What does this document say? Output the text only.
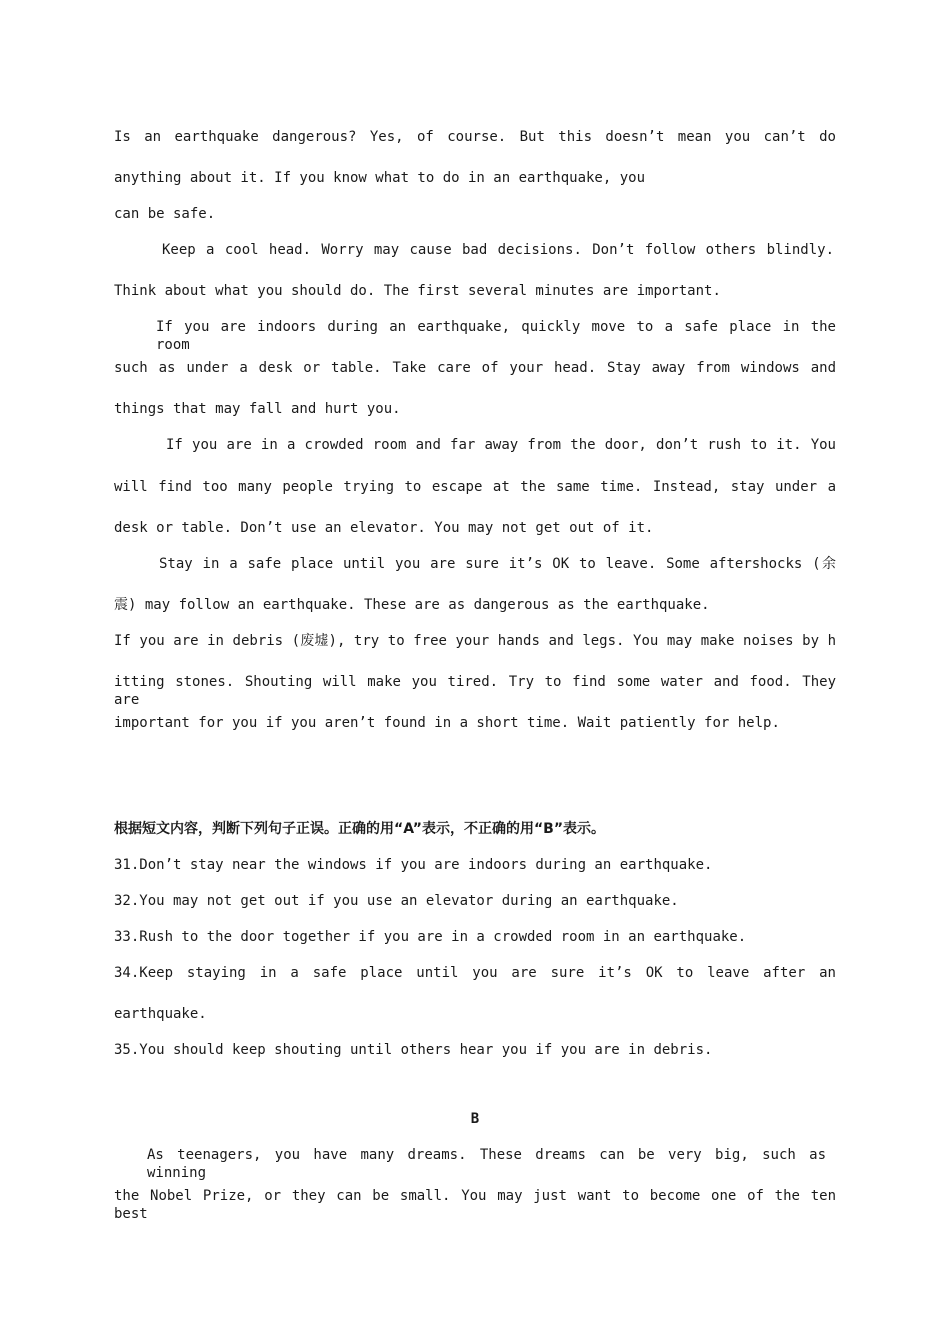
Is an earthquake dangerous? Yes, of course. But this doesn’t mean you can’t do
anything about it. If you know what to do in an earthquake, you
can be safe.
Keep a cool head. Worry may cause bad decisions. Don’t follow others blindly.
Think about what you should do. The first several minutes are important.
If you are indoors during an earthquake, quickly move to a safe place in the room
such as under a desk or table. Take care of your head. Stay away from windows and
things that may fall and hurt you.
If you are in a crowded room and far away from the door, don’t rush to it. You
will find too many people trying to escape at the same time. Instead, stay under a
desk or table. Don’t use an elevator. You may not get out of it.
Stay in a safe place until you are sure it’s OK to leave. Some aftershocks (余
震) may follow an earthquake. These are as dangerous as the earthquake.
If you are in debris (废墟), try to free your hands and legs. You may make noises by h
itting stones. Shouting will make you tired. Try to find some water and food. They are
important for you if you aren’t found in a short time. Wait patiently for help.
根据短文内容，判断下列句子正误。正确的用“A”表示，不正确的用“B”表示。
31.Don’t stay near the windows if you are indoors during an earthquake.
32.You may not get out if you use an elevator during an earthquake.
33.Rush to the door together if you are in a crowded room in an earthquake.
34.Keep staying in a safe place until you are sure it’s OK to leave after an
earthquake.
35.You should keep shouting until others hear you if you are in debris.
B
As teenagers, you have many dreams. These dreams can be very big, such as winning
the Nobel Prize, or they can be small. You may just want to become one of the ten best
